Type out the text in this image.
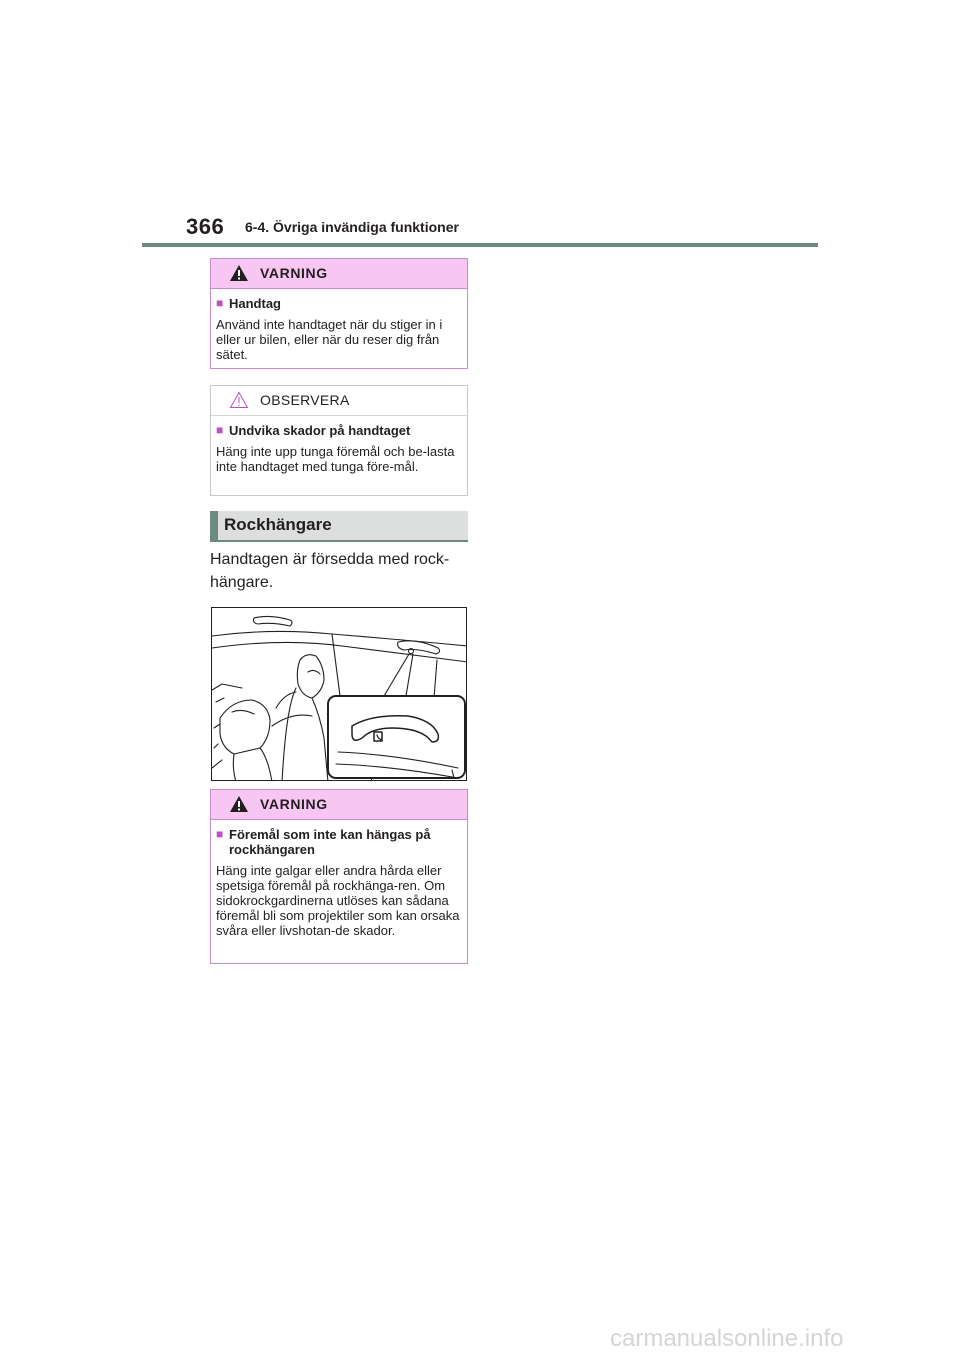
366 6-4. Övriga invändiga funktioner
VARNING
■ Handtag
Använd inte handtaget när du stiger in i eller ur bilen, eller när du reser dig från sätet.
OBSERVERA
■ Undvika skador på handtaget
Häng inte upp tunga föremål och be-lasta inte handtaget med tunga före-mål.
Rockhängare
Handtagen är försedda med rock-hängare.
VARNING
■ Föremål som inte kan hängas på rockhängaren
Häng inte galgar eller andra hårda eller spetsiga föremål på rockhänga-ren. Om sidokrockgardinerna utlöses kan sådana föremål bli som projektiler som kan orsaka svåra eller livshotan-de skador.
carmanualsonline.info
